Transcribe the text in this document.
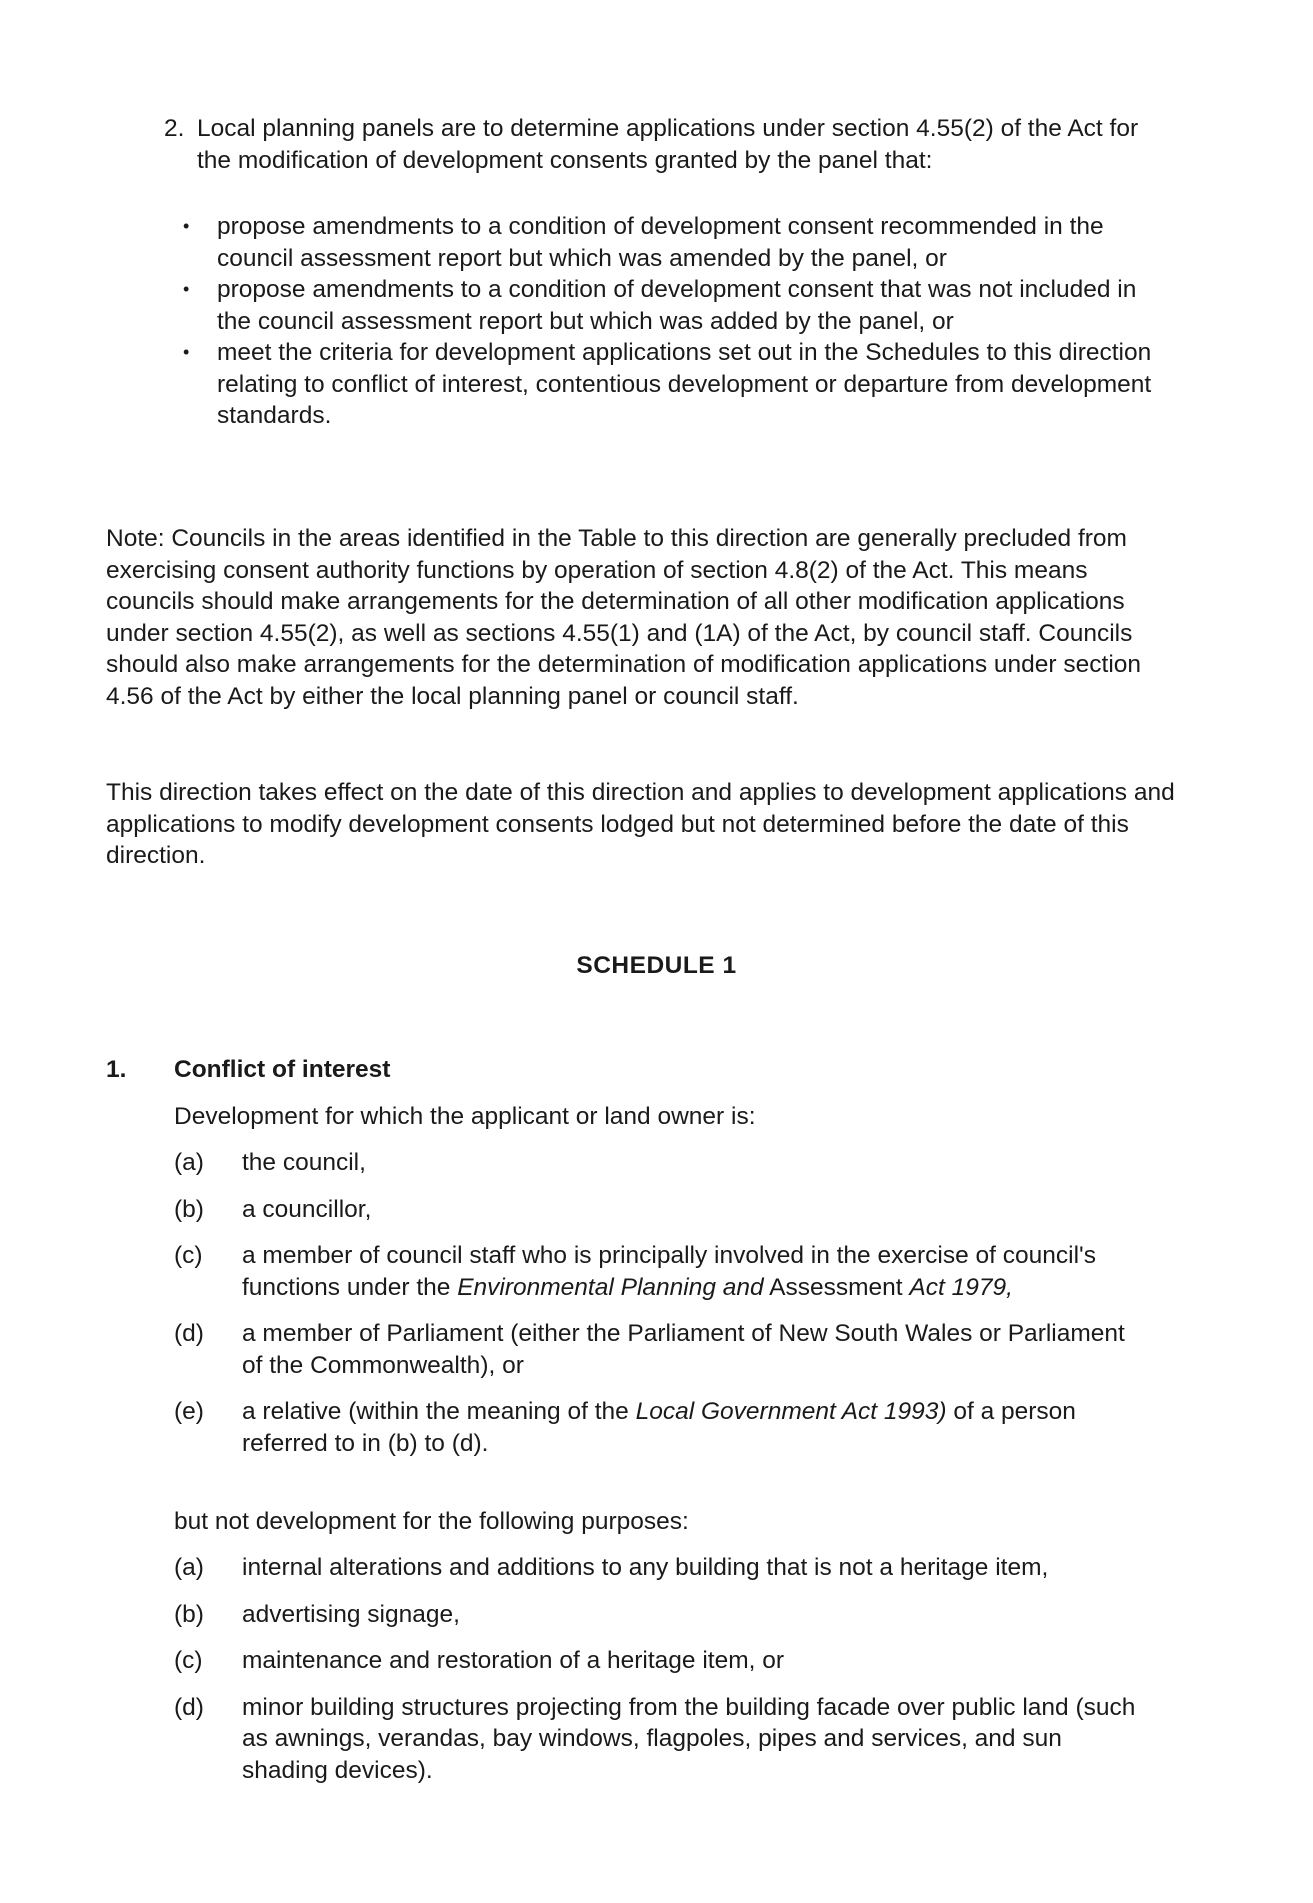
2. Local planning panels are to determine applications under section 4.55(2) of the Act for the modification of development consents granted by the panel that:

• propose amendments to a condition of development consent recommended in the council assessment report but which was amended by the panel, or
• propose amendments to a condition of development consent that was not included in the council assessment report but which was added by the panel, or
• meet the criteria for development applications set out in the Schedules to this direction relating to conflict of interest, contentious development or departure from development standards.

Note: Councils in the areas identified in the Table to this direction are generally precluded from exercising consent authority functions by operation of section 4.8(2) of the Act. This means councils should make arrangements for the determination of all other modification applications under section 4.55(2), as well as sections 4.55(1) and (1A) of the Act, by council staff. Councils should also make arrangements for the determination of modification applications under section 4.56 of the Act by either the local planning panel or council staff.

This direction takes effect on the date of this direction and applies to development applications and applications to modify development consents lodged but not determined before the date of this direction.

SCHEDULE 1
1. Conflict of interest

Development for which the applicant or land owner is:

(a) the council,
(b) a councillor,
(c) a member of council staff who is principally involved in the exercise of council's functions under the Environmental Planning and Assessment Act 1979,
(d) a member of Parliament (either the Parliament of New South Wales or Parliament of the Commonwealth), or
(e) a relative (within the meaning of the Local Government Act 1993) of a person referred to in (b) to (d).

but not development for the following purposes:

(a) internal alterations and additions to any building that is not a heritage item,
(b) advertising signage,
(c) maintenance and restoration of a heritage item, or
(d) minor building structures projecting from the building facade over public land (such as awnings, verandas, bay windows, flagpoles, pipes and services, and sun shading devices).
